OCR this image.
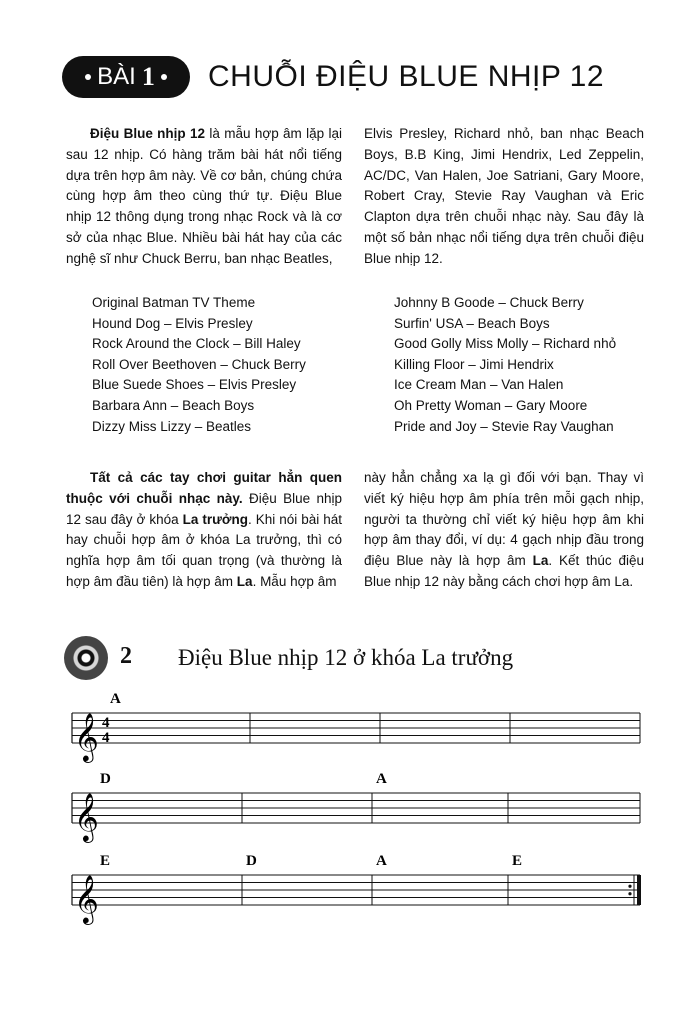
BÀI 1 CHUỖI ĐIỆU BLUE NHỊP 12

Điệu Blue nhịp 12 là mẫu hợp âm lặp lại sau 12 nhịp. Có hàng trăm bài hát nổi tiếng dựa trên hợp âm này. Về cơ bản, chúng chứa cùng hợp âm theo cùng thứ tự. Điệu Blue nhịp 12 thông dụng trong nhạc Rock và là cơ sở của nhạc Blue. Nhiều bài hát hay của các nghệ sĩ như Chuck Berru, ban nhạc Beatles,

Elvis Presley, Richard nhỏ, ban nhạc Beach Boys, B.B King, Jimi Hendrix, Led Zeppelin, AC/DC, Van Halen, Joe Satriani, Gary Moore, Robert Cray, Stevie Ray Vaughan và Eric Clapton dựa trên chuỗi nhạc này. Sau đây là một số bản nhạc nổi tiếng dựa trên chuỗi điệu Blue nhịp 12.

Original Batman TV Theme
Hound Dog – Elvis Presley
Rock Around the Clock – Bill Haley
Roll Over Beethoven – Chuck Berry
Blue Suede Shoes – Elvis Presley
Barbara Ann – Beach Boys
Dizzy Miss Lizzy – Beatles
Johnny B Goode – Chuck Berry
Surfin' USA – Beach Boys
Good Golly Miss Molly – Richard nhỏ
Killing Floor – Jimi Hendrix
Ice Cream Man – Van Halen
Oh Pretty Woman – Gary Moore
Pride and Joy – Stevie Ray Vaughan

Tất cả các tay chơi guitar hẳn quen thuộc với chuỗi nhạc này. Điệu Blue nhịp 12 sau đây ở khóa La trưởng. Khi nói bài hát hay chuỗi hợp âm ở khóa La trưởng, thì có nghĩa hợp âm tối quan trọng (và thường là hợp âm đầu tiên) là hợp âm La. Mẫu hợp âm

này hẳn chẳng xa lạ gì đối với bạn. Thay vì viết ký hiệu hợp âm phía trên mỗi gạch nhịp, người ta thường chỉ viết ký hiệu hợp âm khi hợp âm thay đổi, ví dụ: 4 gạch nhịp đầu trong điệu Blue này là hợp âm La. Kết thúc điệu Blue nhịp 12 này bằng cách chơi hợp âm La.

2 Điệu Blue nhịp 12 ở khóa La trưởng
𝄞 4
4
A
𝄞
D	A
𝄞
E	D	A	E
